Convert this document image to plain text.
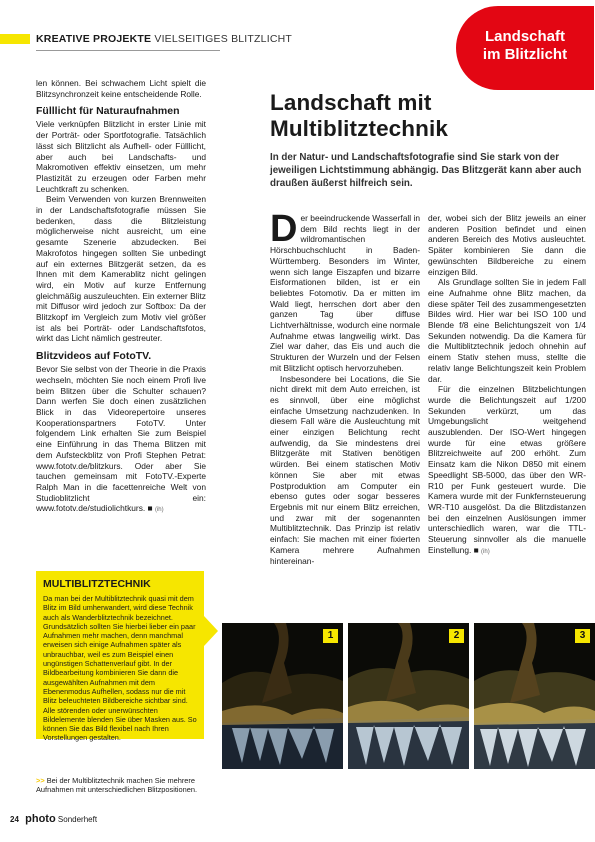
KREATIVE PROJEKTE VIELSEITIGES BLITZLICHT	Landschaft
im Blitzlicht

len können. Bei schwachem Licht spielt die Blitzsynchronzeit keine entscheidende Rolle.

Fülllicht für Naturaufnahmen

Viele verknüpfen Blitzlicht in erster Linie mit der Porträt- oder Sportfotografie. Tatsächlich lässt sich Blitzlicht als Aufhell- oder Fülllicht, aber auch bei Landschafts- und Makromotiven effektiv einsetzen, um mehr Plastizität zu erzeugen oder Farben mehr Leuchtkraft zu schenken.

Beim Verwenden von kurzen Brennweiten in der Landschaftsfotografie müssen Sie bedenken, dass die Blitzleistung möglicherweise nicht ausreicht, um eine gesamte Szenerie abzudecken. Bei Makrofotos hingegen sollten Sie unbedingt auf ein externes Blitzgerät setzen, da es Ihnen mit dem Kamerablitz nicht gelingen wird, ein Motiv auf kurze Entfernung gleichmäßig auszuleuchten. Ein externer Blitz mit Diffusor wird jedoch zur Softbox: Da der Blitzkopf im Vergleich zum Motiv viel größer ist als bei Porträt- oder Landschaftsfotos, wirkt das Licht nämlich gestreuter.

Blitzvideos auf FotoTV.

Bevor Sie selbst von der Theorie in die Praxis wechseln, möchten Sie noch einem Profi live beim Blitzen über die Schulter schauen? Dann werfen Sie doch einen zusätzlichen Blick in das Videorepertoire unseres Kooperationspartners FotoTV. Unter folgendem Link erhalten Sie zum Beispiel eine Einführung in das Thema Blitzen mit dem Aufsteckblitz von Profi Stephen Petrat: www.fototv.de/blitzkurs. Oder aber Sie tauchen gemeinsam mit FotoTV.-Experte Ralph Man in die facettenreiche Welt von Studioblitzlicht ein: www.fototv.de/studiolichtkurs. ■ (ih)

Landschaft mit
Multiblitztechnik
In der Natur- und Landschaftsfotografie sind Sie stark von der jeweiligen Lichtstimmung abhängig. Das Blitzgerät kann aber auch draußen äußerst hilfreich sein.

Der beeindruckende Wasserfall in dem Bild rechts liegt in der wildromantischen Hörschbuchschlucht in Baden-Württemberg. Besonders im Winter, wenn sich lange Eiszapfen und bizarre Eisformationen bilden, ist er ein beliebtes Fotomotiv. Da er mitten im Wald liegt, herrschen dort aber den ganzen Tag über diffuse Lichtverhältnisse, wodurch eine normale Aufnahme etwas langweilig wirkt. Das Ziel war daher, das Eis und auch die Strukturen der Wurzeln und der Felsen mit Blitzlicht optisch hervorzuheben.

Insbesondere bei Locations, die Sie nicht direkt mit dem Auto erreichen, ist es sinnvoll, über eine möglichst einfache Umsetzung nachzudenken. In diesem Fall wäre die Ausleuchtung mit einer einzigen Belichtung recht aufwendig, da Sie mindestens drei Blitzgeräte mit Stativen benötigen würden. Bei einem statischen Motiv können Sie aber mit etwas Postproduktion am Computer ein ebenso gutes oder sogar besseres Ergebnis mit nur einem Blitz erreichen, und zwar mit der sogenannten Multiblitztechnik. Das Prinzip ist relativ einfach: Sie machen mit einer fixierten Kamera mehrere Aufnahmen hintereinan-

der, wobei sich der Blitz jeweils an einer anderen Position befindet und einen anderen Bereich des Motivs ausleuchtet. Später kombinieren Sie dann die gewünschten Bildbereiche zu einem einzigen Bild.

Als Grundlage sollten Sie in jedem Fall eine Aufnahme ohne Blitz machen, da diese später Teil des zusammengesetzten Bildes wird. Hier war bei ISO 100 und Blende f/8 eine Belichtungszeit von 1/4 Sekunden notwendig. Da die Kamera für die Multiblitztechnik jedoch ohnehin auf einem Stativ stehen muss, stellte die relativ lange Belichtungszeit kein Problem dar.

Für die einzelnen Blitzbelichtungen wurde die Belichtungszeit auf 1/200 Sekunden verkürzt, um das Umgebungslicht weitgehend auszublenden. Der ISO-Wert hingegen wurde für eine etwas größere Blitzreichweite auf 200 erhöht. Zum Einsatz kam die Nikon D850 mit einem Speedlight SB-5000, das über den WR-R10 per Funk gesteuert wurde. Die Kamera wurde mit der Funkfernsteuerung WR-T10 ausgelöst. Da die Blitzdistanzen bei den einzelnen Auslösungen immer unterschiedlich waren, war die TTL-Steuerung sinnvoller als die manuelle Einstellung. ■ (ih)

MULTIBLITZTECHNIK
Da man bei der Multiblitztechnik quasi mit dem Blitz im Bild umherwandert, wird diese Technik auch als Wanderblitztechnik bezeichnet. Grundsätzlich sollten Sie hierbei lieber ein paar Aufnahmen mehr machen, denn manchmal erweisen sich einige Aufnahmen später als unbrauchbar, weil es zum Beispiel einen ungünstigen Schattenverlauf gibt. In der Bildbearbeitung kombinieren Sie dann die ausgewählten Aufnahmen mit dem Ebenenmodus Aufhellen, sodass nur die mit Blitz beleuchteten Bildbereiche sichtbar sind. Alle störenden oder unerwünschten Bildelemente blenden Sie über Masken aus. So können Sie das Bild flexibel nach Ihren Vorstellungen gestalten.
>> Bei der Multiblitztechnik machen Sie mehrere Aufnahmen mit unterschiedlichen Blitzpositionen.
1	2	3
24 photo Sonderheft
